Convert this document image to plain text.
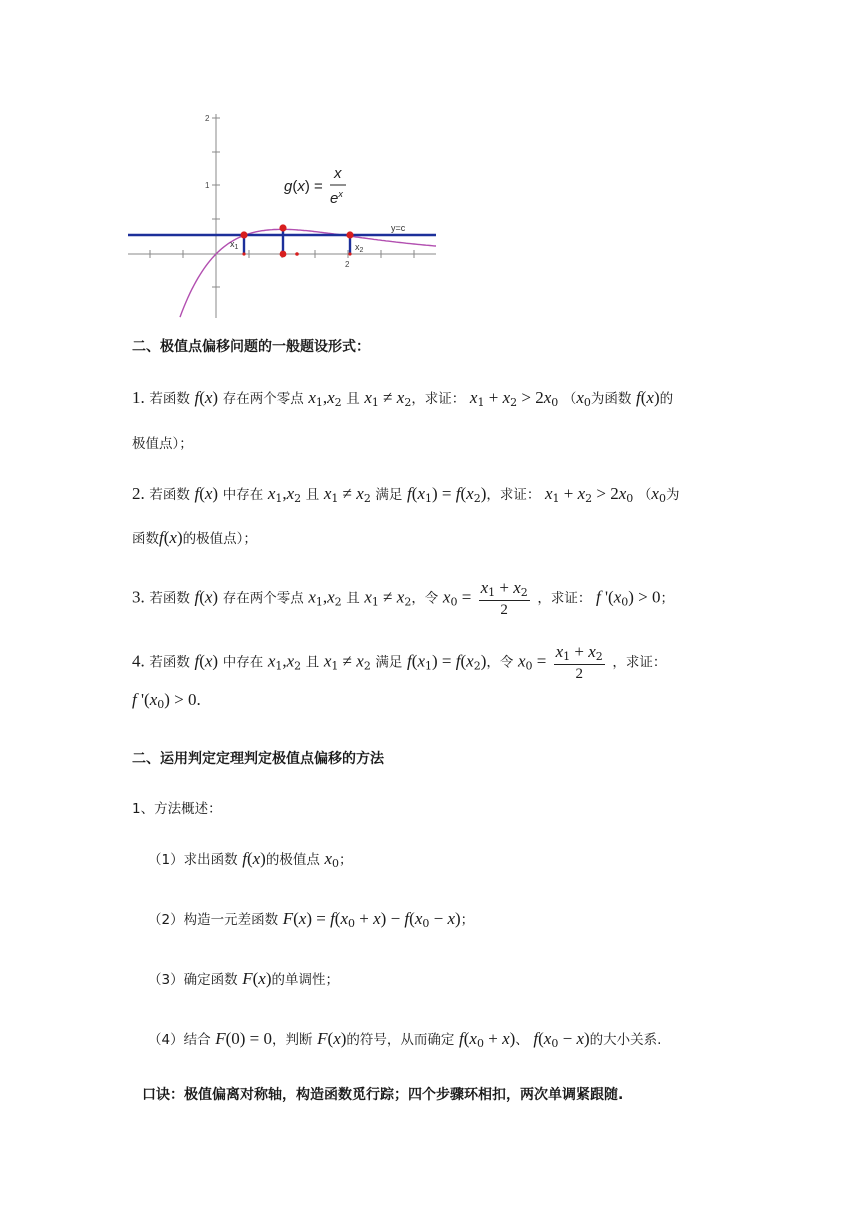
2
1
2
y=c
$x_1$	$x_2$
g(x) =
x
$e^x$
二、极值点偏移问题的一般题设形式：
1. 若函数 f(x) 存在两个零点 $x_1,x_2$ 且 $x_1 \ne x_2$，求证： $x_1 + x_2 > 2x_0$ （$x_0$为函数 f(x)的
极值点）；
2. 若函数 f(x) 中存在 $x_1,x_2$ 且 $x_1 \ne x_2$ 满足 $f(x_1) = f(x_2)$，求证： $x_1 + x_2 > 2x_0$ （$x_0$为
函数f(x)的极值点）；
3. 若函数 f(x) 存在两个零点 $x_1,x_2$ 且 $x_1 \ne x_2$，令 $x_0 = \frac{x_1 + x_2}{2}$ ，求证： f '$(x_0) > 0$；
4. 若函数 f(x) 中存在 $x_1,x_2$ 且 $x_1 \ne x_2$ 满足 $f(x_1) = f(x_2)$，令 $x_0 = \frac{x_1 + x_2}{2}$ ，求证：
f '$(x_0) > 0$.
二、运用判定定理判定极值点偏移的方法
1、方法概述：
（1）求出函数 f(x)的极值点 $x_0$；
（2）构造一元差函数 $F(x) = f(x_0 + x) - f(x_0 - x)$；
（3）确定函数 F(x)的单调性；
（4）结合 F(0) = 0，判断 F(x)的符号，从而确定 $f(x_0 + x)$、 $f(x_0 - x)$的大小关系.
口诀：极值偏离对称轴，构造函数觅行踪；四个步骤环相扣，两次单调紧跟随.
